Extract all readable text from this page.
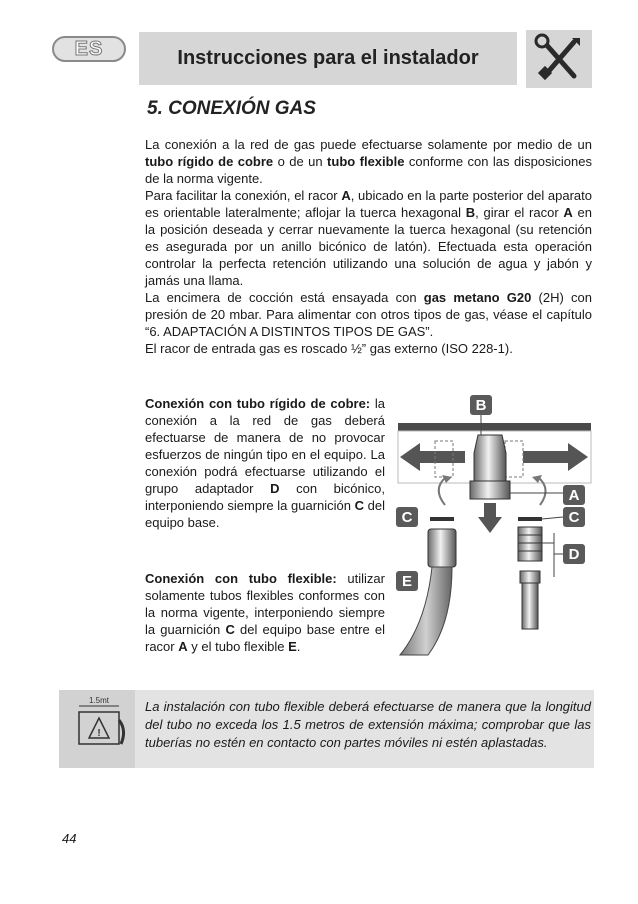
ES	Instrucciones para el instalador
5. CONEXIÓN GAS
La conexión a la red de gas puede efectuarse solamente por medio de un tubo rígido de cobre o de un tubo flexible conforme con las disposiciones de la norma vigente.
Para facilitar la conexión, el racor A, ubicado en la parte posterior del aparato es orientable lateralmente; aflojar la tuerca hexagonal B, girar el racor A en la posición deseada y cerrar nuevamente la tuerca hexagonal (su retención es asegurada por un anillo bicónico de latón). Efectuada esta operación controlar la perfecta retención utilizando una solución de agua y jabón y jamás una llama.
La encimera de cocción está ensayada con gas metano G20 (2H) con presión de 20 mbar. Para alimentar con otros tipos de gas, véase el capítulo “6. ADAPTACIÓN A DISTINTOS TIPOS DE GAS”.
El racor de entrada gas es roscado ½” gas externo (ISO 228-1).
Conexión con tubo rígido de cobre: la conexión a la red de gas deberá efectuarse de manera de no provocar esfuerzos de ningún tipo en el equipo. La conexión podrá efectuarse utilizando el grupo adaptador D con bicónico, interponiendo siempre la guarnición C del equipo base.
Conexión con tubo flexible: utilizar solamente tubos flexibles conformes con la norma vigente, interponiendo siempre la guarnición C del equipo base entre el racor A y el tubo flexible E.
B
A
C	C
D
E
!
1.5mt	La instalación con tubo flexible deberá efectuarse de manera que la longitud del tubo no exceda los 1.5 metros de extensión máxima; comprobar que las tuberías no estén en contacto con partes móviles ni estén aplastadas.
44
